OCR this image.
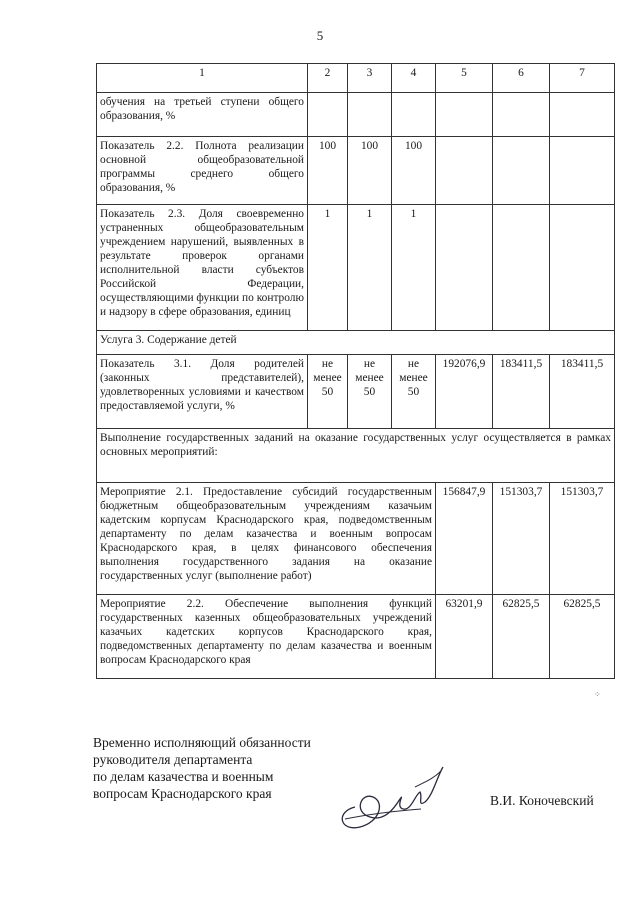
5
1	2	3	4	5	6	7
обучения на третьей ступени общего образования, %						
Показатель 2.2. Полнота реализации основной общеобразовательной программы среднего общего образования, %	100	100	100			
Показатель 2.3. Доля своевременно устраненных общеобразовательным учреждением нарушений, выявленных в результате проверок органами исполнительной власти субъектов Российской Федерации, осуществляющими функции по контролю и надзору в сфере образования, единиц	1	1	1			
Услуга 3. Содержание детей						
Показатель 3.1. Доля родителей (законных представителей), удовлетворенных условиями и качеством предоставляемой услуги, %	не менее 50	не менее 50	не менее 50	192076,9	183411,5	183411,5
Выполнение государственных заданий на оказание государственных услуг осуществляется в рамках основных мероприятий:						
Мероприятие 2.1. Предоставление субсидий государственным бюджетным общеобразовательным учреждениям казачьим кадетским корпусам Краснодарского края, подведомственным департаменту по делам казачества и военным вопросам Краснодарского края, в целях финансового обеспечения выполнения государственного задания на оказание государственных услуг (выполнение работ)				156847,9	151303,7	151303,7
Мероприятие 2.2. Обеспечение выполнения функций государственных казенных общеобразовательных учреждений казачьих кадетских корпусов Краснодарского края, подведомственных департаменту по делам казачества и военным вопросам Краснодарского края				63201,9	62825,5	62825,5
⁘
Временно исполняющий обязанности
руководителя департамента
по делам казачества и военным
вопросам Краснодарского края	В.И. Коночевский
